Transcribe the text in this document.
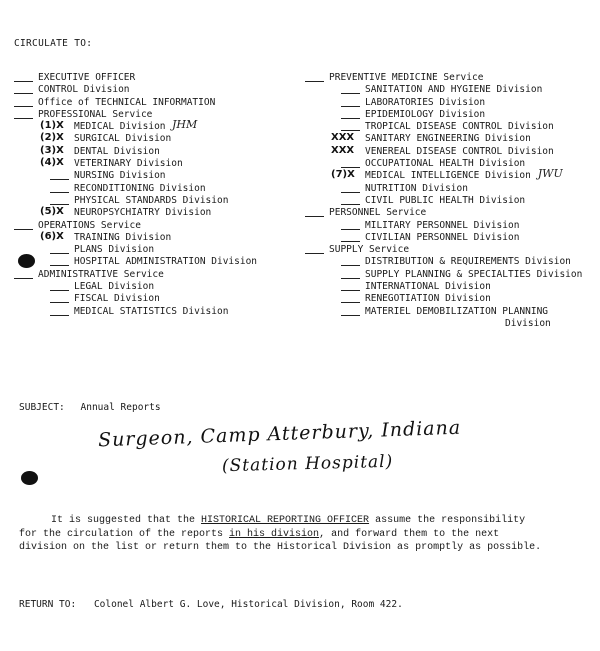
CIRCULATE TO:
EXECUTIVE OFFICER
CONTROL Division
Office of TECHNICAL INFORMATION
PROFESSIONAL Service
(1)X MEDICAL Division JHM
(2)X SURGICAL Division
(3)X DENTAL Division
(4)X VETERINARY Division
NURSING Division
RECONDITIONING Division
PHYSICAL STANDARDS Division
(5)X NEUROPSYCHIATRY Division
OPERATIONS Service
(6)X TRAINING Division
PLANS Division
HOSPITAL ADMINISTRATION Division
ADMINISTRATIVE Service
LEGAL Division
FISCAL Division
MEDICAL STATISTICS Division
PREVENTIVE MEDICINE Service
SANITATION AND HYGIENE Division
LABORATORIES Division
EPIDEMIOLOGY Division
TROPICAL DISEASE CONTROL Division
XXX SANITARY ENGINEERING Division
XXX VENEREAL DISEASE CONTROL Division
OCCUPATIONAL HEALTH Division
(7)X MEDICAL INTELLIGENCE Division JWU
NUTRITION Division
CIVIL PUBLIC HEALTH Division
PERSONNEL Service
MILITARY PERSONNEL Division
CIVILIAN PERSONNEL Division
SUPPLY Service
DISTRIBUTION & REQUIREMENTS Division
SUPPLY PLANNING & SPECIALTIES Division
INTERNATIONAL Division
RENEGOTIATION Division
MATERIEL DEMOBILIZATION PLANNING
Division
SUBJECT: Annual Reports
Surgeon, Camp Atterbury, Indiana
(Station Hospital)
It is suggested that the HISTORICAL REPORTING OFFICER assume the responsibility
for the circulation of the reports in his division, and forward them to the next
division on the list or return them to the Historical Division as promptly as possible.
RETURN TO: Colonel Albert G. Love, Historical Division, Room 422.
